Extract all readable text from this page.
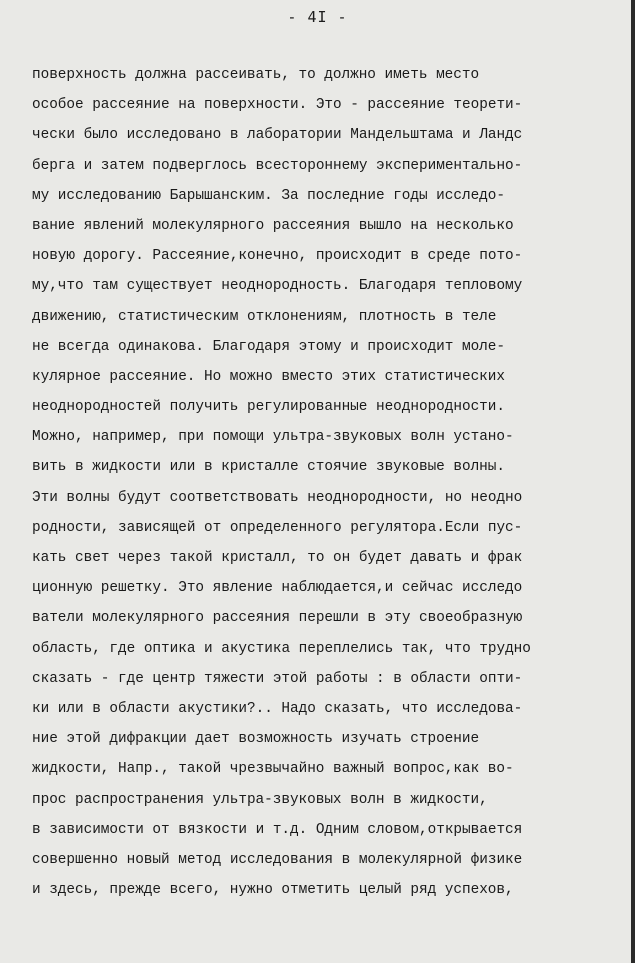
- 4I -
поверхность должна рассеивать, то должно иметь место
особое рассеяние на поверхности. Это - рассеяние теорети-
чески было исследовано в лаборатории Мандельштама и Ландс
берга и затем подверглось всестороннему экспериментально-
му исследованию Барышанским. За последние годы исследо-
вание явлений молекулярного рассеяния вышло на несколько
новую дорогу. Рассеяние,конечно, происходит в среде пото-
му,что там существует неоднородность. Благодаря тепловому
движению, статистическим отклонениям, плотность в теле
не всегда одинакова. Благодаря этому и происходит моле-
кулярное рассеяние. Но можно вместо этих статистических
неоднородностей получить регулированные неоднородности.
Можно, например, при помощи ультра-звуковых волн устано-
вить в жидкости или в кристалле стоячие звуковые волны.
Эти волны будут соответствовать неоднородности, но неодно
родности, зависящей от определенного регулятора.Если пус-
кать свет через такой кристалл, то он будет давать и фрак
ционную решетку. Это явление наблюдается,и сейчас исследо
ватели молекулярного рассеяния перешли в эту своеобразную
область, где оптика и акустика переплелись так, что трудно
сказать - где центр тяжести этой работы : в области опти-
ки или в области акустики?.. Надо сказать, что исследова-
ние этой дифракции дает возможность изучать строение
жидкости, Напр., такой чрезвычайно важный вопрос,как во-
прос распространения ультра-звуковых волн в жидкости,
в зависимости от вязкости и т.д. Одним словом,открывается
совершенно новый метод исследования в молекулярной физике
и здесь, прежде всего, нужно отметить целый ряд успехов,
